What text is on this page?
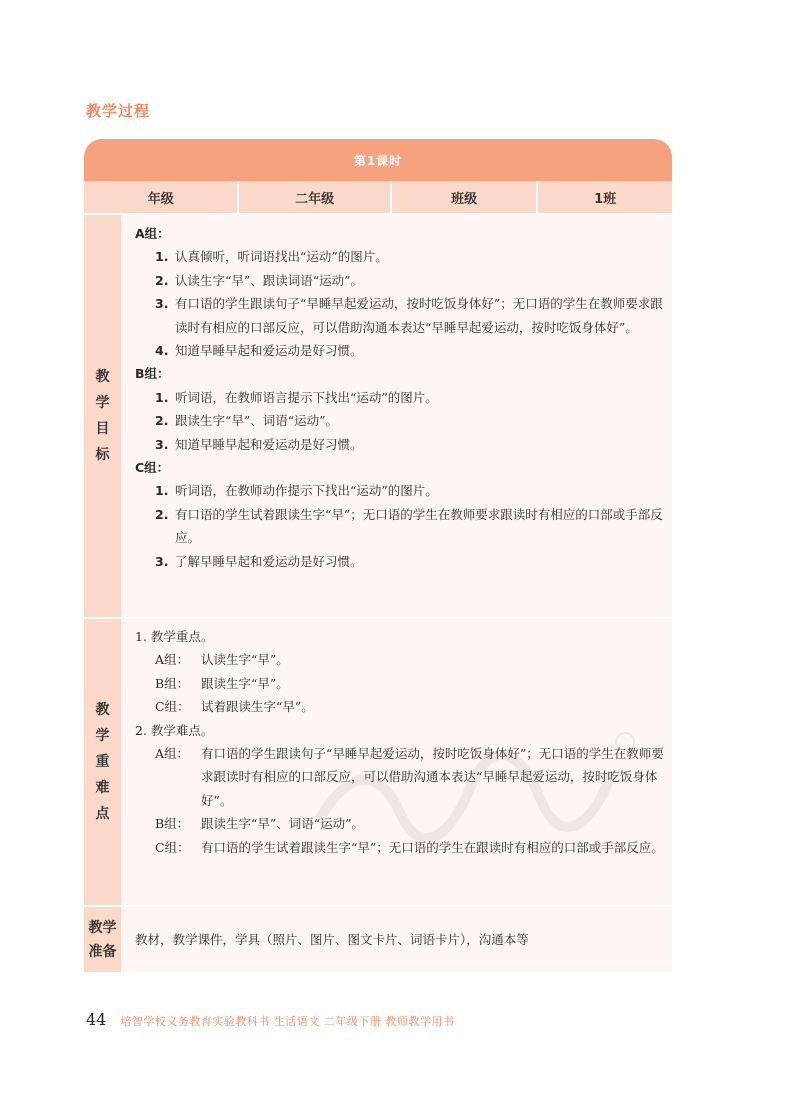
教学过程
第1课时
年级	二年级	班级	1班
教
学
目
标
A组：
1. 认真倾听，听词语找出“运动”的图片。
2. 认读生字“早”、跟读词语“运动”。
3. 有口语的学生跟读句子“早睡早起爱运动，按时吃饭身体好”；无口语的学生在教师要求跟读时有相应的口部反应，可以借助沟通本表达“早睡早起爱运动，按时吃饭身体好”。
4. 知道早睡早起和爱运动是好习惯。
B组：
1. 听词语，在教师语言提示下找出“运动”的图片。
2. 跟读生字“早”、词语“运动”。
3. 知道早睡早起和爱运动是好习惯。
C组：
1. 听词语，在教师动作提示下找出“运动”的图片。
2. 有口语的学生试着跟读生字“早”；无口语的学生在教师要求跟读时有相应的口部或手部反应。
3. 了解早睡早起和爱运动是好习惯。
教
学
重
难
点
1. 教学重点。
A组： 认读生字“早”。
B组： 跟读生字“早”。
C组： 试着跟读生字“早”。
2. 教学难点。
A组： 有口语的学生跟读句子“早睡早起爱运动，按时吃饭身体好”；无口语的学生在教师要求跟读时有相应的口部反应，可以借助沟通本表达“早睡早起爱运动，按时吃饭身体好”。
B组： 跟读生字“早”、词语“运动”。
C组： 有口语的学生试着跟读生字“早”；无口语的学生在跟读时有相应的口部或手部反应。
教学
准备
教材，教学课件，学具（照片、图片、图文卡片、词语卡片），沟通本等
44 培智学校义务教育实验教科书 生活语文 二年级下册 教师教学用书
